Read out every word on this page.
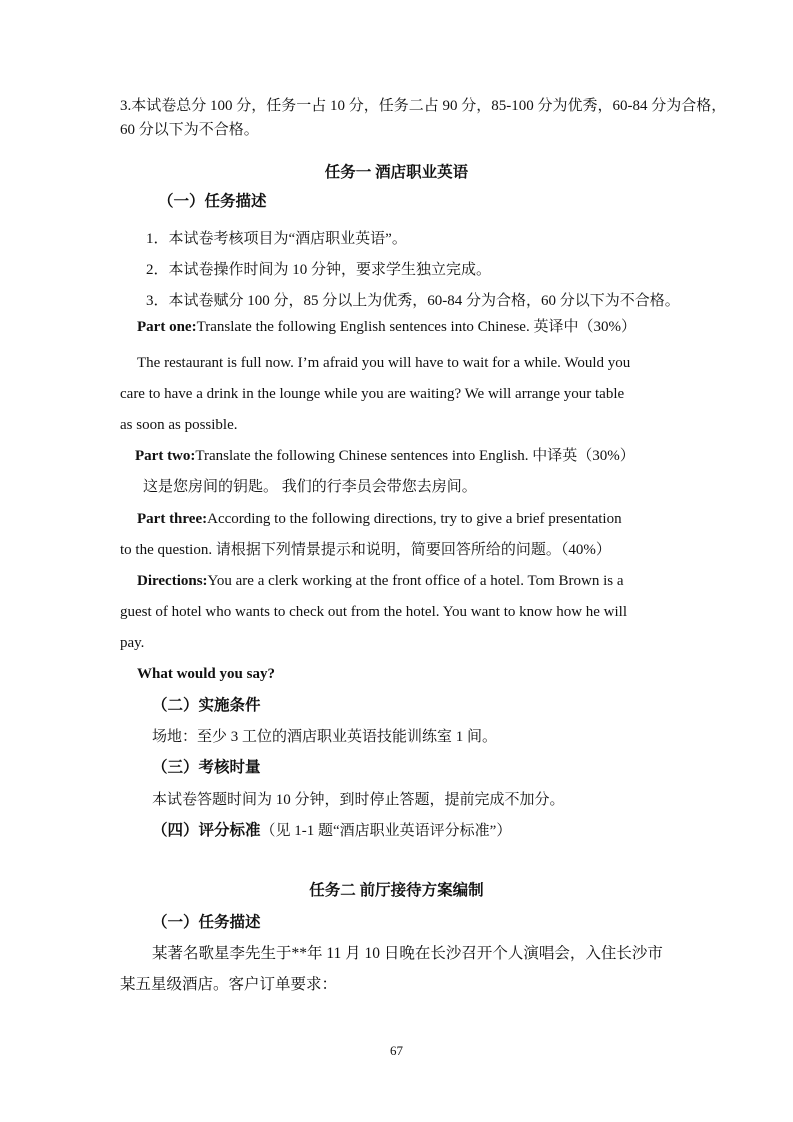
3.本试卷总分 100 分，任务一占 10 分，任务二占 90 分，85-100 分为优秀，60-84 分为合格，
60 分以下为不合格。
任务一 酒店职业英语
（一）任务描述
1．本试卷考核项目为“酒店职业英语”。
2．本试卷操作时间为 10 分钟，要求学生独立完成。
3．本试卷赋分 100 分，85 分以上为优秀，60-84 分为合格，60 分以下为不合格。
Part one:Translate the following English sentences into Chinese. 英译中（30%）
The restaurant is full now. I’m afraid you will have to wait for a while. Would you
care to have a drink in the lounge while you are waiting? We will arrange your table
as soon as possible.
Part two:Translate the following Chinese sentences into English. 中译英（30%）
这是您房间的钥匙。 我们的行李员会带您去房间。
Part three:According to the following directions, try to give a brief presentation
to the question. 请根据下列情景提示和说明，简要回答所给的问题。（40%）
Directions:You are a clerk working at the front office of a hotel. Tom Brown is a
guest of hotel who wants to check out from the hotel. You want to know how he will
pay.
What would you say?
（二）实施条件
场地：至少 3 工位的酒店职业英语技能训练室 1 间。
（三）考核时量
本试卷答题时间为 10 分钟，到时停止答题，提前完成不加分。
（四）评分标准（见 1-1 题“酒店职业英语评分标准”）
任务二 前厅接待方案编制
（一）任务描述
某著名歌星李先生于**年 11 月 10 日晚在长沙召开个人演唱会，入住长沙市
某五星级酒店。客户订单要求：
67
